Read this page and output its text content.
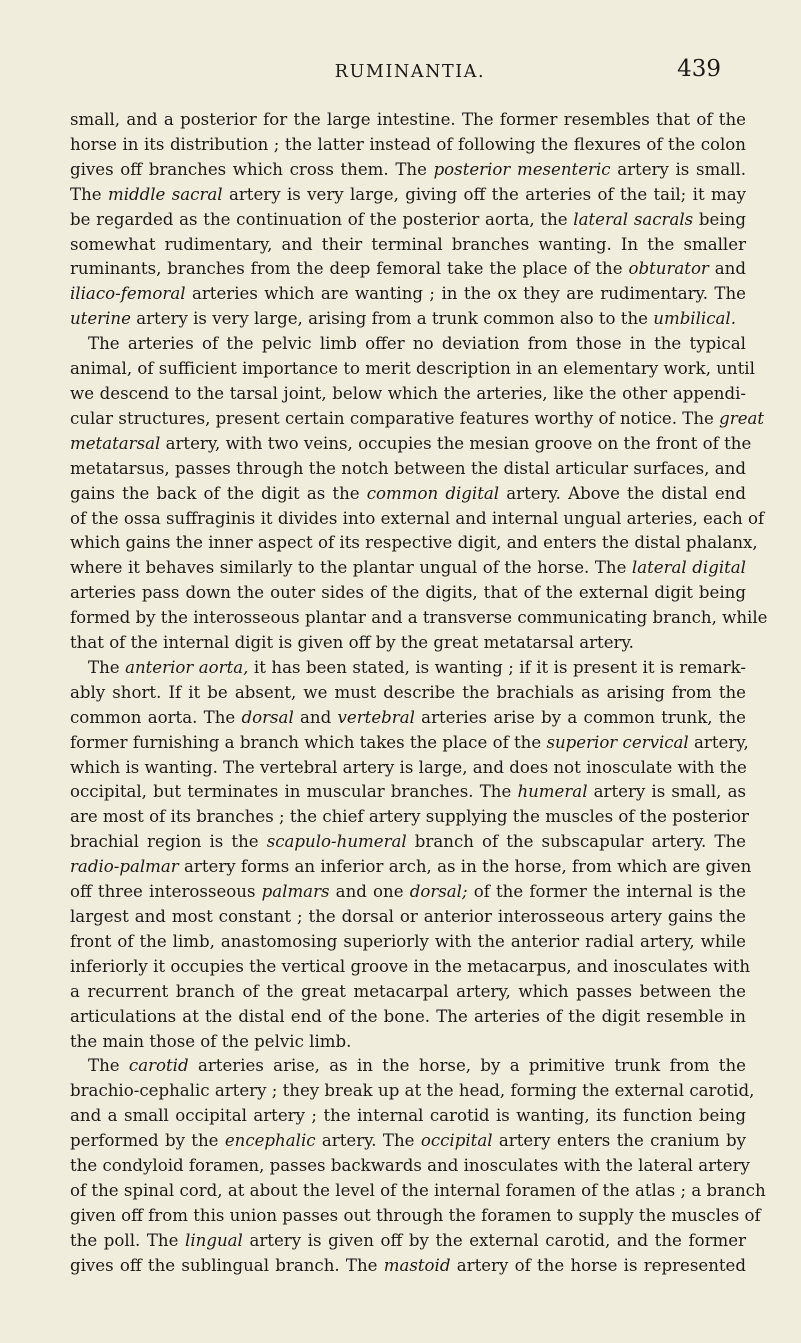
RUMINANTIA.	439
small, and a posterior for the large intestine. The former resembles that of the
horse in its distribution ; the latter instead of following the flexures of the colon
gives off branches which cross them. The posterior mesenteric artery is small.
The middle sacral artery is very large, giving off the arteries of the tail; it may
be regarded as the continuation of the posterior aorta, the lateral sacrals being
somewhat rudimentary, and their terminal branches wanting. In the smaller
ruminants, branches from the deep femoral take the place of the obturator and
iliaco-femoral arteries which are wanting ; in the ox they are rudimentary. The
uterine artery is very large, arising from a trunk common also to the umbilical.
The arteries of the pelvic limb offer no deviation from those in the typical
animal, of sufficient importance to merit description in an elementary work, until
we descend to the tarsal joint, below which the arteries, like the other appendi-
cular structures, present certain comparative features worthy of notice. The great
metatarsal artery, with two veins, occupies the mesian groove on the front of the
metatarsus, passes through the notch between the distal articular surfaces, and
gains the back of the digit as the common digital artery. Above the distal end
of the ossa suffraginis it divides into external and internal ungual arteries, each of
which gains the inner aspect of its respective digit, and enters the distal phalanx,
where it behaves similarly to the plantar ungual of the horse. The lateral digital
arteries pass down the outer sides of the digits, that of the external digit being
formed by the interosseous plantar and a transverse communicating branch, while
that of the internal digit is given off by the great metatarsal artery.
The anterior aorta, it has been stated, is wanting ; if it is present it is remark-
ably short. If it be absent, we must describe the brachials as arising from the
common aorta. The dorsal and vertebral arteries arise by a common trunk, the
former furnishing a branch which takes the place of the superior cervical artery,
which is wanting. The vertebral artery is large, and does not inosculate with the
occipital, but terminates in muscular branches. The humeral artery is small, as
are most of its branches ; the chief artery supplying the muscles of the posterior
brachial region is the scapulo-humeral branch of the subscapular artery. The
radio-palmar artery forms an inferior arch, as in the horse, from which are given
off three interosseous palmars and one dorsal; of the former the internal is the
largest and most constant ; the dorsal or anterior interosseous artery gains the
front of the limb, anastomosing superiorly with the anterior radial artery, while
inferiorly it occupies the vertical groove in the metacarpus, and inosculates with
a recurrent branch of the great metacarpal artery, which passes between the
articulations at the distal end of the bone. The arteries of the digit resemble in
the main those of the pelvic limb.
The carotid arteries arise, as in the horse, by a primitive trunk from the
brachio-cephalic artery ; they break up at the head, forming the external carotid,
and a small occipital artery ; the internal carotid is wanting, its function being
performed by the encephalic artery. The occipital artery enters the cranium by
the condyloid foramen, passes backwards and inosculates with the lateral artery
of the spinal cord, at about the level of the internal foramen of the atlas ; a branch
given off from this union passes out through the foramen to supply the muscles of
the poll. The lingual artery is given off by the external carotid, and the former
gives off the sublingual branch. The mastoid artery of the horse is represented
